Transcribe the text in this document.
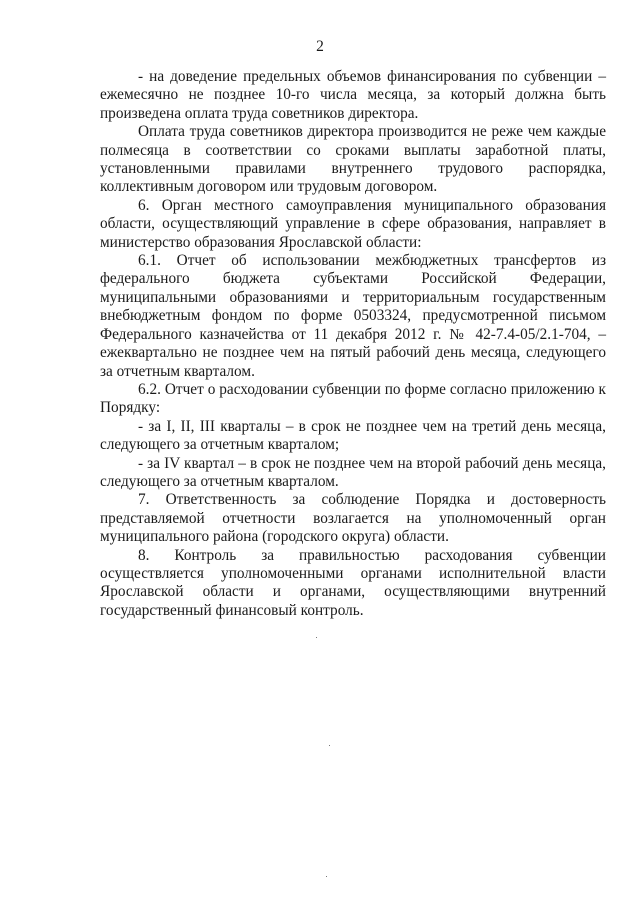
2

- на доведение предельных объемов финансирования по субвенции – ежемесячно не позднее 10-го числа месяца, за который должна быть произведена оплата труда советников директора.

Оплата труда советников директора производится не реже чем каждые полмесяца в соответствии со сроками выплаты заработной платы, установленными правилами внутреннего трудового распорядка, коллективным договором или трудовым договором.

6. Орган местного самоуправления муниципального образования области, осуществляющий управление в сфере образования, направляет в министерство образования Ярославской области:

6.1. Отчет об использовании межбюджетных трансфертов из федерального бюджета субъектами Российской Федерации, муниципальными образованиями и территориальным государственным внебюджетным фондом по форме 0503324, предусмотренной письмом Федерального казначейства от 11 декабря 2012 г. № 42-7.4-05/2.1-704, – ежеквартально не позднее чем на пятый рабочий день месяца, следующего за отчетным кварталом.

6.2. Отчет о расходовании субвенции по форме согласно приложению к Порядку:

- за I, II, III кварталы – в срок не позднее чем на третий день месяца, следующего за отчетным кварталом;

- за IV квартал – в срок не позднее чем на второй рабочий день месяца, следующего за отчетным кварталом.

7. Ответственность за соблюдение Порядка и достоверность представляемой отчетности возлагается на уполномоченный орган муниципального района (городского округа) области.

8. Контроль за правильностью расходования субвенции осуществляется уполномоченными органами исполнительной власти Ярославской области и органами, осуществляющими внутренний государственный финансовый контроль.
